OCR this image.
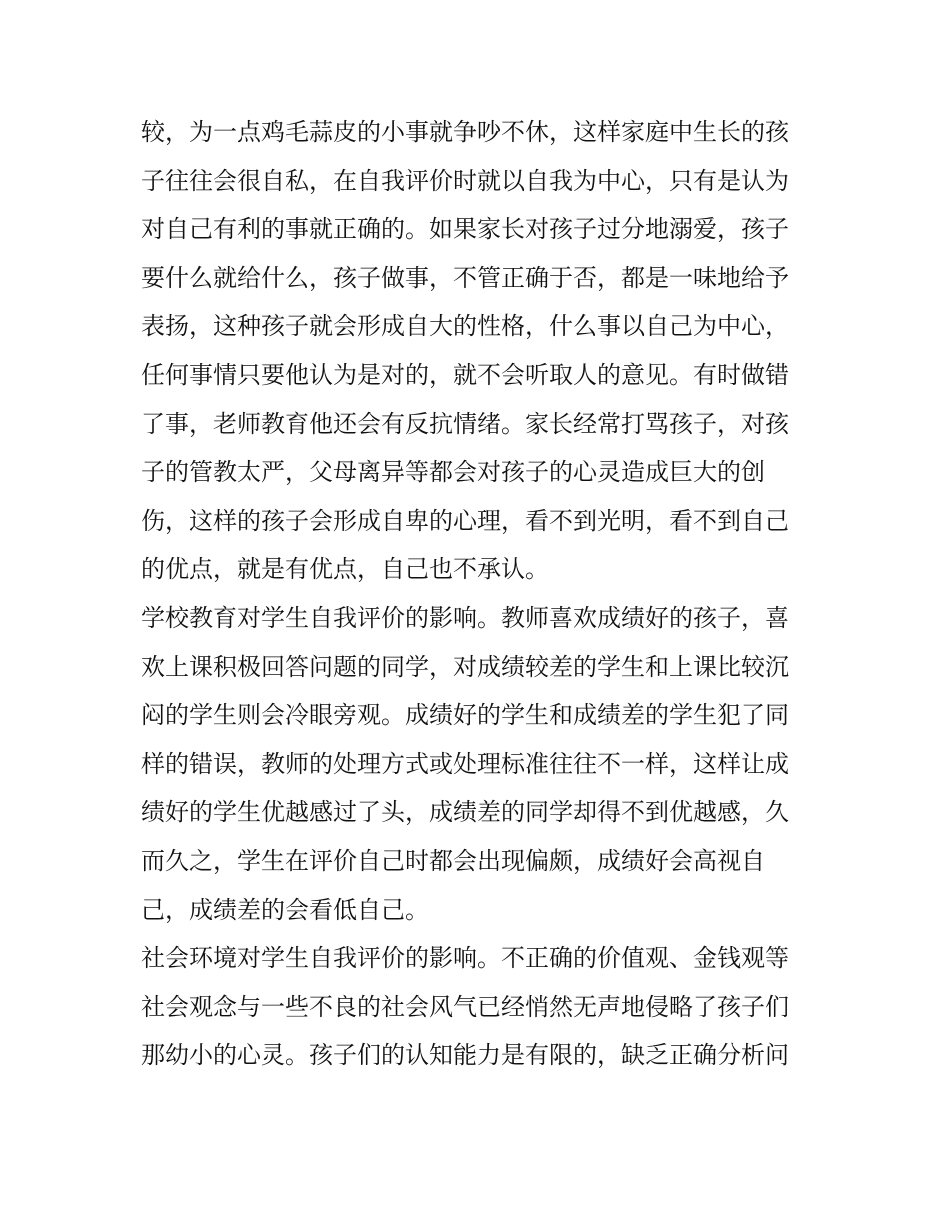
较，为一点鸡毛蒜皮的小事就争吵不休，这样家庭中生长的孩
子往往会很自私，在自我评价时就以自我为中心，只有是认为
对自己有利的事就正确的。如果家长对孩子过分地溺爱，孩子
要什么就给什么，孩子做事，不管正确于否，都是一味地给予
表扬，这种孩子就会形成自大的性格，什么事以自己为中心，
任何事情只要他认为是对的，就不会听取人的意见。有时做错
了事，老师教育他还会有反抗情绪。家长经常打骂孩子，对孩
子的管教太严，父母离异等都会对孩子的心灵造成巨大的创
伤，这样的孩子会形成自卑的心理，看不到光明，看不到自己
的优点，就是有优点，自己也不承认。
学校教育对学生自我评价的影响。教师喜欢成绩好的孩子，喜
欢上课积极回答问题的同学，对成绩较差的学生和上课比较沉
闷的学生则会冷眼旁观。成绩好的学生和成绩差的学生犯了同
样的错误，教师的处理方式或处理标准往往不一样，这样让成
绩好的学生优越感过了头，成绩差的同学却得不到优越感，久
而久之，学生在评价自己时都会出现偏颇，成绩好会高视自
己，成绩差的会看低自己。
社会环境对学生自我评价的影响。不正确的价值观、金钱观等
社会观念与一些不良的社会风气已经悄然无声地侵略了孩子们
那幼小的心灵。孩子们的认知能力是有限的，缺乏正确分析问
